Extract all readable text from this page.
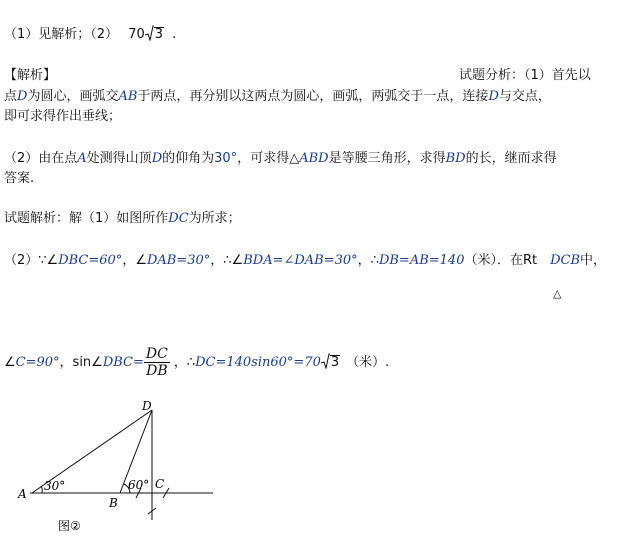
（1）见解析；（2） 70 3 .
【解析】	试题分析：（1）首先以
点D为圆心，画弧交AB于两点，再分别以这两点为圆心，画弧，两弧交于一点，连接D与交点，
即可求得作出垂线；
（2）由在点A处测得山顶D的仰角为30°，可求得△ABD是等腰三角形，求得BD的长，继而求得
答案.
试题解析：解（1）如图所作DC为所求；
（2）∵∠DBC=60°，∠DAB=30°，∴∠BDA=∠DAB=30°，∴DB=AB=140（米）．在Rt　DCB中，
△
∠C=90°，sin∠DBC= $\frac{DC}{DB}$ ，∴DC=140sin60°=70 3 （米）.
D
A
B
C
30°	60°
图②
